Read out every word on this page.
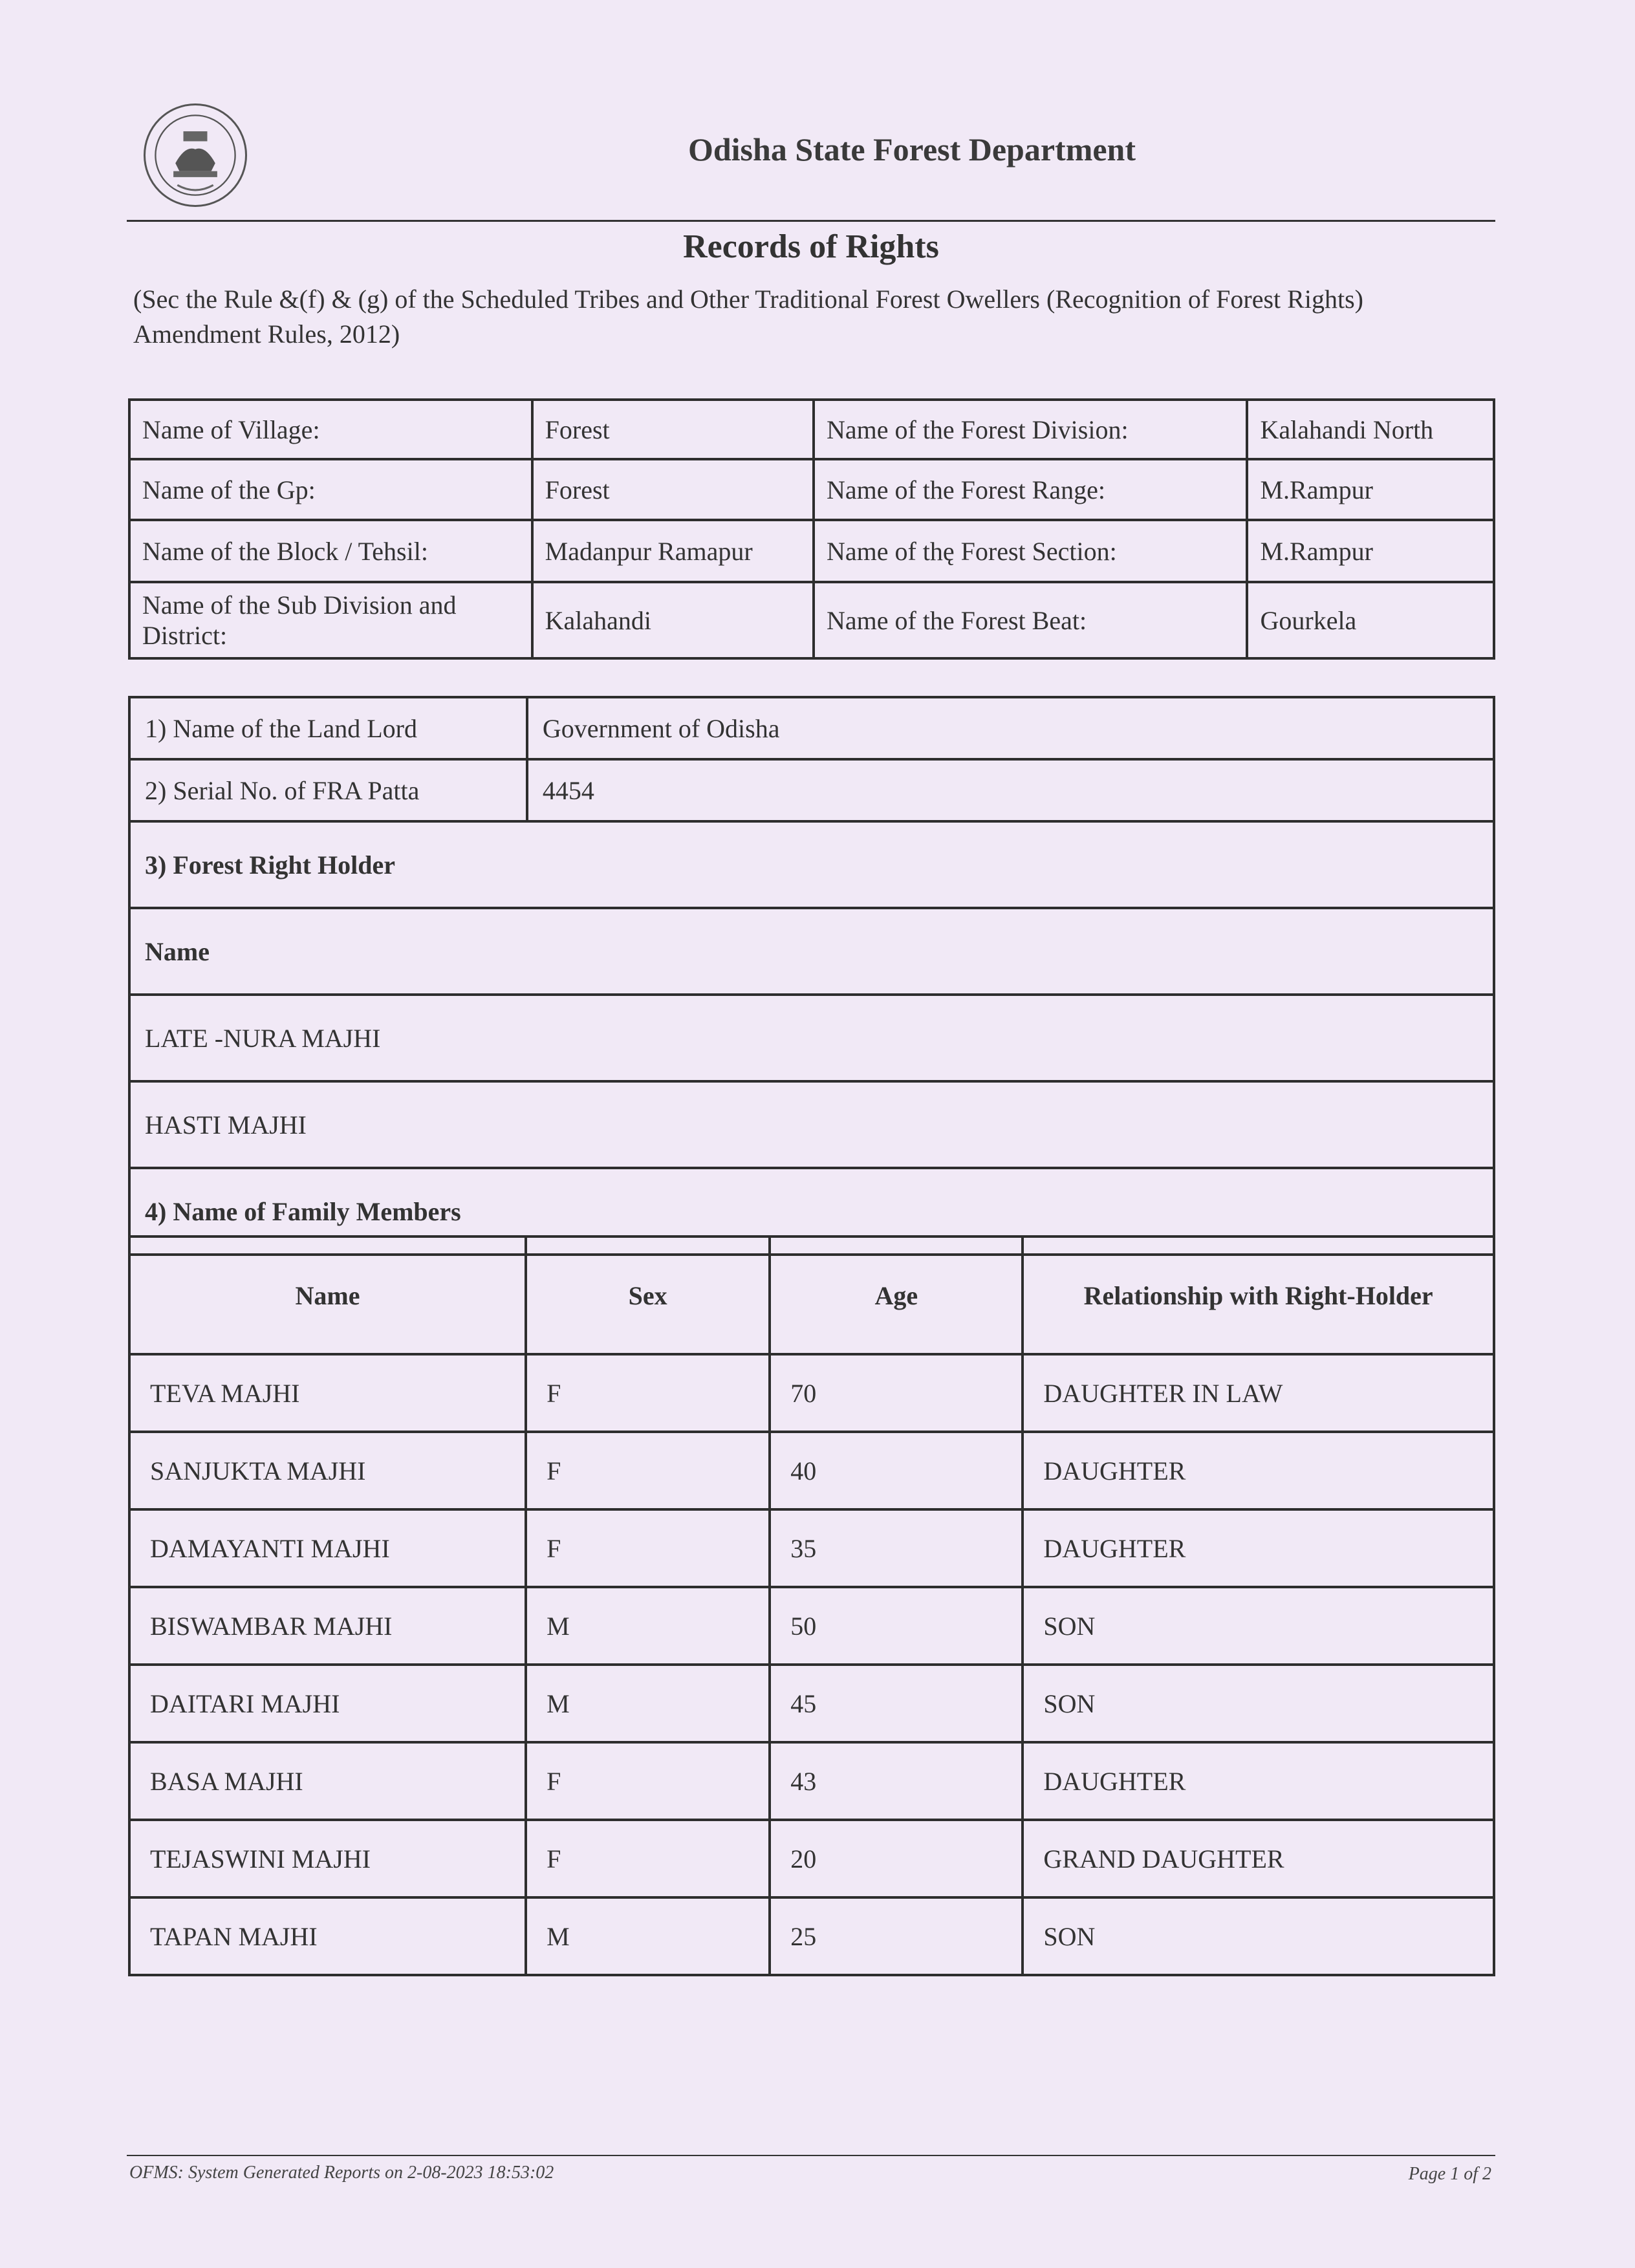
Odisha State Forest Department
Records of Rights
(Sec the Rule &(f) & (g) of the Scheduled Tribes and Other Traditional Forest Owellers (Recognition of Forest Rights) Amendment Rules, 2012)
Name of Village:	Forest	Name of the Forest Division:	Kalahandi North
Name of the Gp:	Forest	Name of the Forest Range:	M.Rampur
Name of the Block / Tehsil:	Madanpur Ramapur	Name of thę Forest Section:	M.Rampur
Name of the Sub Division and District:	Kalahandi	Name of the Forest Beat:	Gourkela
1) Name of the Land Lord	Government of Odisha
2) Serial No. of FRA Patta	4454
3) Forest Right Holder	
Name	
LATE -NURA MAJHI	
HASTI MAJHI	
4) Name of Family Members	
Name	Sex	Age	Relationship with Right-Holder
TEVA MAJHI	F	70	DAUGHTER IN LAW
SANJUKTA MAJHI	F	40	DAUGHTER
DAMAYANTI MAJHI	F	35	DAUGHTER
BISWAMBAR MAJHI	M	50	SON
DAITARI MAJHI	M	45	SON
BASA MAJHI	F	43	DAUGHTER
TEJASWINI MAJHI	F	20	GRAND DAUGHTER
TAPAN MAJHI	M	25	SON
OFMS: System Generated Reports on 2-08-2023 18:53:02	Page 1 of 2
